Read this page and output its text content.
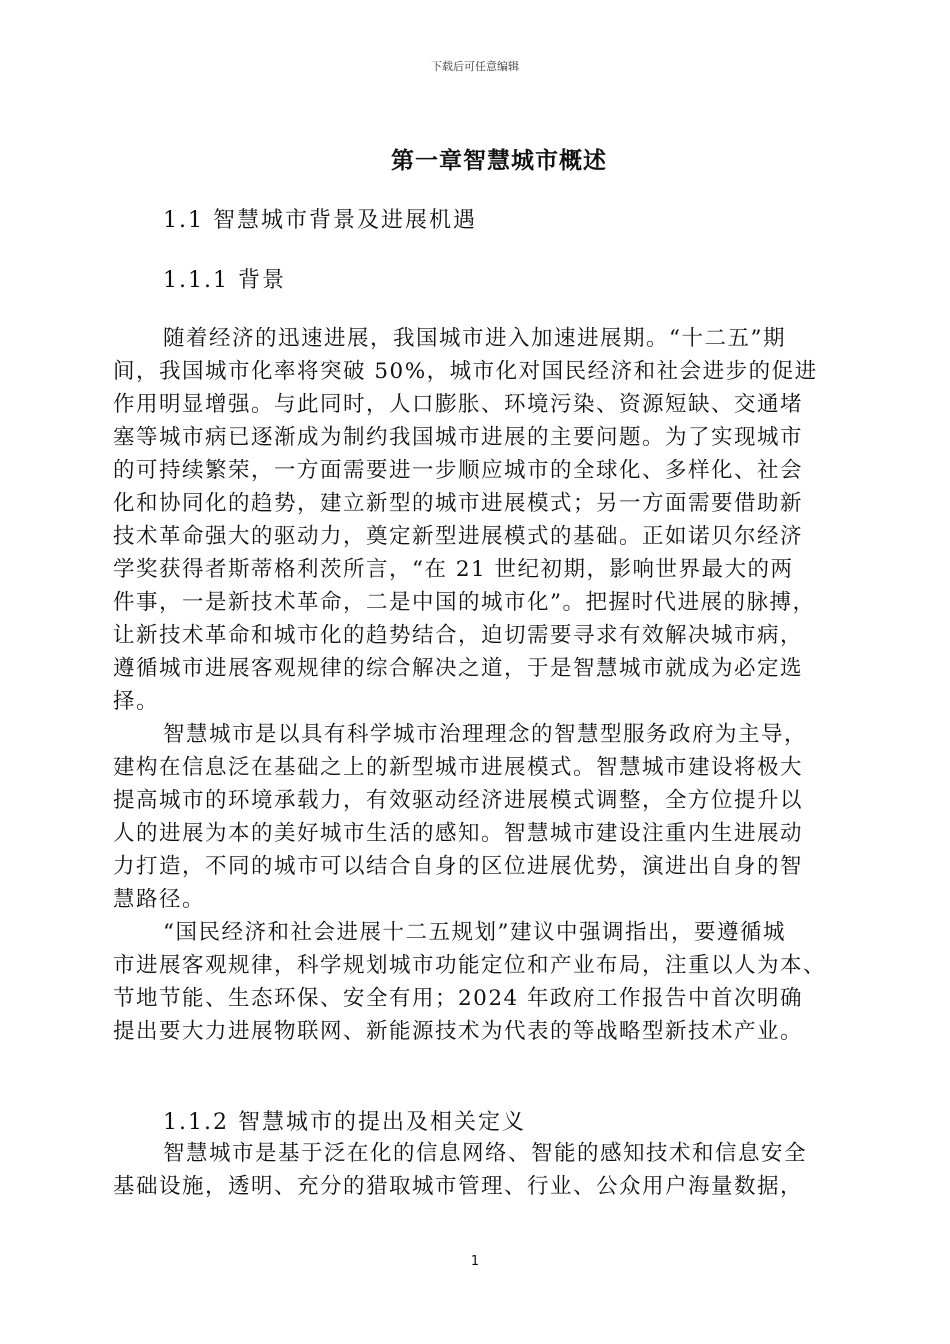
下载后可任意编辑
第一章智慧城市概述
1.1 智慧城市背景及进展机遇
1.1.1 背景
随着经济的迅速进展，我国城市进入加速进展期。“十二五”期
间，我国城市化率将突破 50%，城市化对国民经济和社会进步的促进
作用明显增强。与此同时，人口膨胀、环境污染、资源短缺、交通堵
塞等城市病已逐渐成为制约我国城市进展的主要问题。为了实现城市
的可持续繁荣，一方面需要进一步顺应城市的全球化、多样化、社会
化和协同化的趋势，建立新型的城市进展模式；另一方面需要借助新
技术革命强大的驱动力，奠定新型进展模式的基础。正如诺贝尔经济
学奖获得者斯蒂格利茨所言，“在 21 世纪初期，影响世界最大的两
件事，一是新技术革命，二是中国的城市化”。把握时代进展的脉搏，
让新技术革命和城市化的趋势结合，迫切需要寻求有效解决城市病，
遵循城市进展客观规律的综合解决之道，于是智慧城市就成为必定选
择。
智慧城市是以具有科学城市治理理念的智慧型服务政府为主导，
建构在信息泛在基础之上的新型城市进展模式。智慧城市建设将极大
提高城市的环境承载力，有效驱动经济进展模式调整，全方位提升以
人的进展为本的美好城市生活的感知。智慧城市建设注重内生进展动
力打造，不同的城市可以结合自身的区位进展优势，演进出自身的智
慧路径。
“国民经济和社会进展十二五规划”建议中强调指出，要遵循城
市进展客观规律，科学规划城市功能定位和产业布局，注重以人为本、
节地节能、生态环保、安全有用；2024 年政府工作报告中首次明确
提出要大力进展物联网、新能源技术为代表的等战略型新技术产业。
1.1.2 智慧城市的提出及相关定义
智慧城市是基于泛在化的信息网络、智能的感知技术和信息安全
基础设施，透明、充分的猎取城市管理、行业、公众用户海量数据，
1
